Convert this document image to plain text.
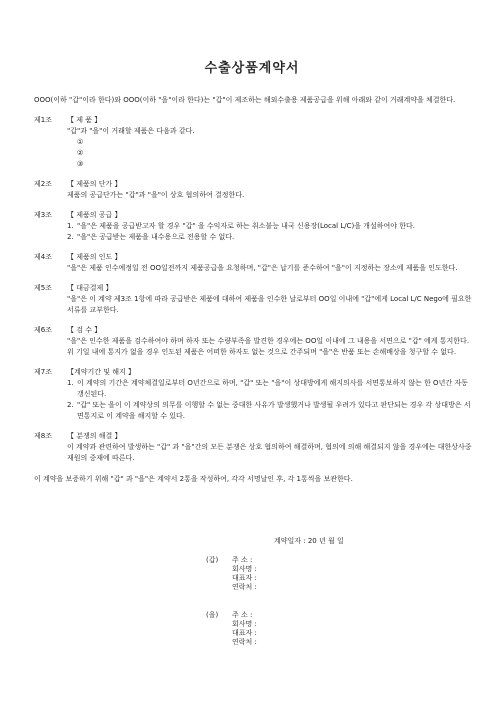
수출상품계약서

OOO(이하 "갑"이라 한다)와 OOO(이하 "을"이라 한다)는 "갑"이 제조하는 해외수출용 제품공급을 위해 아래와 같이 거래계약을 체결한다.

제1조	【 제 품 】

"갑"과 "을"이 거래할 제품은 다음과 같다.

①
②
③
제2조	【 제품의 단가 】

제품의 공급단가는 "갑"과 "을"이 상호 협의하여 결정한다.

제3조	【 제품의 공급 】
1. "을"은 제품을 공급받고자 할 경우 "갑" 을 수익자로 하는 취소불능 내국 신용장(Local L/C)을 개설하여야 한다.
2. "을"은 공급받는 제품을 내수용으로 전용할 수 없다.
제4조	【 제품의 인도 】

"을"은 제품 인수예정일 전 OO일전까지 제품공급을 요청하며, "갑"은 납기를 준수하여 "을"이 지정하는 장소에 제품을 인도한다.

제5조	【 대금결제 】

"을"은 이 계약 제3조 1항에 따라 공급받은 제품에 대하여 제품을 인수한 날로부터 OO일 이내에 "갑"에게 Local L/C Nego에 필요한 서류를 교부한다.

제6조	【 검 수 】

"을"은 인수한 제품을 검수하여야 하며 하자 또는 수량부족을 발견한 경우에는 OO일 이내에 그 내용을 서면으로 "갑" 에게 통지한다. 위 기일 내에 통지가 없을 경우 인도된 제품은 어떠한 하자도 없는 것으로 간주되며 "을"은 반품 또는 손해배상을 청구할 수 없다.

제7조	【계약기간 및 해지 】
1. 이 계약의 기간은 계약체결일로부터 O년간으로 하며, "갑" 또는 "을"이 상대방에게 해지의사를 서면통보하지 않는 한 O년간 자동 갱신된다.
2. "갑" 또는 을이 이 계약상의 의무를 이행할 수 없는 중대한 사유가 발생했거나 발생될 우려가 있다고 판단되는 경우 각 상대방은 서면통지로 이 계약을 해지할 수 있다.
제8조	【 분쟁의 해결 】

이 계약과 관련하여 발생하는 "갑" 과 "을"간의 모든 분쟁은 상호 협의하여 해결하며, 협의에 의해 해결되지 않을 경우에는 대한상사중재원의 중재에 따른다.

이 계약을 보증하기 위해 "갑" 과 "을"은 계약서 2통을 작성하여, 각각 서명날인 후, 각 1통씩을 보관한다.

계약일자 : 20 년 월 일
(갑) 주 소 :
회사명 :
대표자 :
연락처 :
(을) 주 소 :
회사명 :
대표자 :
연락처 :
